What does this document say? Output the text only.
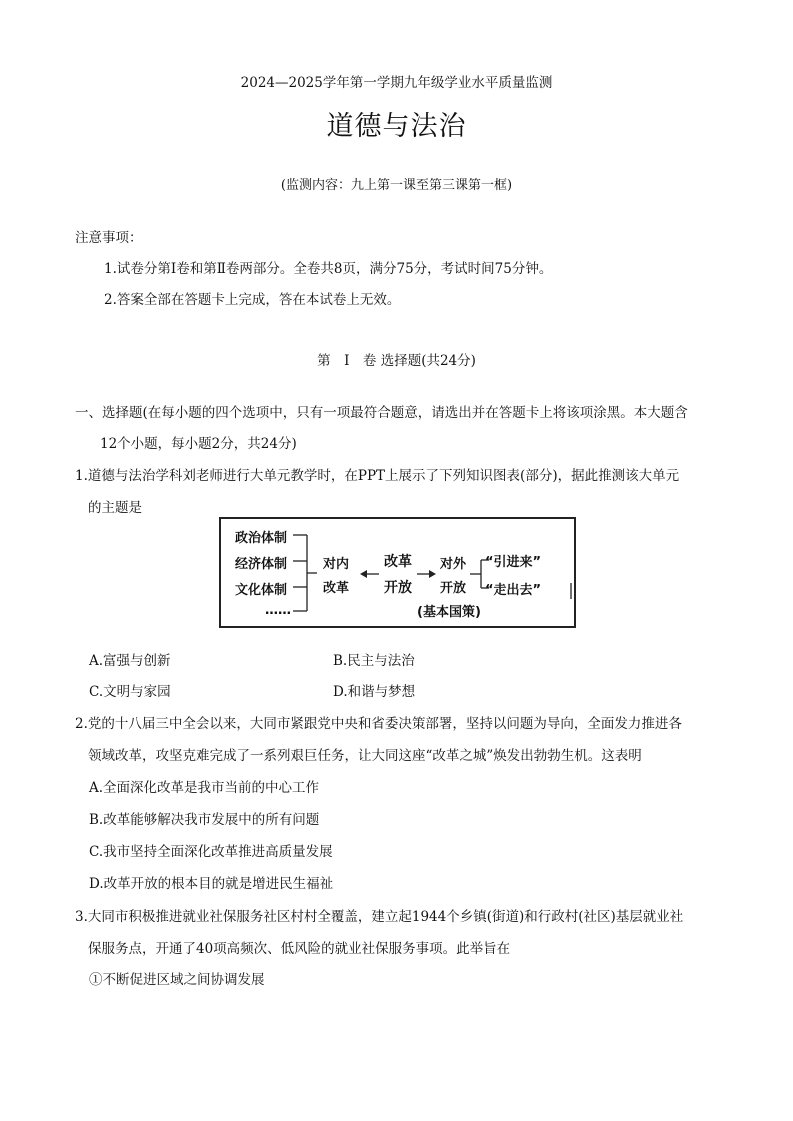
2024—2025学年第一学期九年级学业水平质量监测
道德与法治
(监测内容：九上第一课至第三课第一框)
注意事项：
1.试卷分第Ⅰ卷和第Ⅱ卷两部分。全卷共8页，满分75分，考试时间75分钟。
2.答案全部在答题卡上完成，答在本试卷上无效。
第　Ⅰ　卷 选择题(共24分)
一、选择题(在每小题的四个选项中，只有一项最符合题意，请选出并在答题卡上将该项涂黑。本大题含
12个小题，每小题2分，共24分)
1.道德与法治学科刘老师进行大单元教学时，在PPT上展示了下列知识图表(部分)，据此推测该大单元
的主题是
政治体制
经济体制
文化体制
……
对内
改革
改革
开放
对外
开放
“引进来”
“走出去”
(基本国策)
A.富强与创新	B.民主与法治
C.文明与家园	D.和谐与梦想
2.党的十八届三中全会以来，大同市紧跟党中央和省委决策部署，坚持以问题为导向，全面发力推进各
领域改革，攻坚克难完成了一系列艰巨任务，让大同这座“改革之城”焕发出勃勃生机。这表明
A.全面深化改革是我市当前的中心工作
B.改革能够解决我市发展中的所有问题
C.我市坚持全面深化改革推进高质量发展
D.改革开放的根本目的就是增进民生福祉
3.大同市积极推进就业社保服务社区村村全覆盖，建立起1944个乡镇(街道)和行政村(社区)基层就业社
保服务点，开通了40项高频次、低风险的就业社保服务事项。此举旨在
①不断促进区域之间协调发展
